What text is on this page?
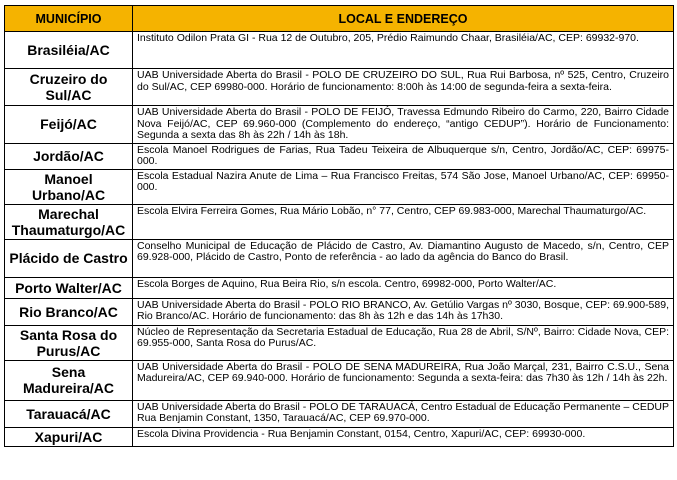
MUNICÍPIO	LOCAL E ENDEREÇO
Brasiléia/AC	Instituto Odilon Prata GI - Rua 12 de Outubro, 205, Prédio Raimundo Chaar, Brasiléia/AC, CEP: 69932-970.
Cruzeiro do Sul/AC	UAB Universidade Aberta do Brasil - POLO DE CRUZEIRO DO SUL, Rua Rui Barbosa, nº 525, Centro, Cruzeiro do Sul/AC, CEP 69980-000. Horário de funcionamento: 8:00h às 14:00 de segunda-feira a sexta-feira.
Feijó/AC	UAB Universidade Aberta do Brasil - POLO DE FEIJÓ, Travessa Edmundo Ribeiro do Carmo, 220, Bairro Cidade Nova Feijó/AC, CEP 69.960-000 (Complemento do endereço, “antigo CEDUP”). Horário de Funcionamento: Segunda a sexta das 8h às 22h / 14h às 18h.
Jordão/AC	Escola Manoel Rodrigues de Farias, Rua Tadeu Teixeira de Albuquerque s/n, Centro, Jordão/AC, CEP: 69975-000.
Manoel Urbano/AC	Escola Estadual Nazira Anute de Lima – Rua Francisco Freitas, 574 São Jose, Manoel Urbano/AC, CEP: 69950-000.
Marechal Thaumaturgo/AC	Escola Elvira Ferreira Gomes, Rua Mário Lobão, n° 77, Centro, CEP 69.983-000, Marechal Thaumaturgo/AC.
Plácido de Castro	Conselho Municipal de Educação de Plácido de Castro, Av. Diamantino Augusto de Macedo, s/n, Centro, CEP 69.928-000, Plácido de Castro, Ponto de referência - ao lado da agência do Banco do Brasil.
Porto Walter/AC	Escola Borges de Aquino, Rua Beira Rio, s/n escola. Centro, 69982-000, Porto Walter/AC.
Rio Branco/AC	UAB Universidade Aberta do Brasil - POLO RIO BRANCO, Av. Getúlio Vargas nº 3030, Bosque, CEP: 69.900-589, Rio Branco/AC. Horário de funcionamento: das 8h às 12h e das 14h às 17h30.
Santa Rosa do Purus/AC	Núcleo de Representação da Secretaria Estadual de Educação, Rua 28 de Abril, S/Nº, Bairro: Cidade Nova, CEP: 69.955-000, Santa Rosa do Purus/AC.
Sena Madureira/AC	UAB Universidade Aberta do Brasil - POLO DE SENA MADUREIRA, Rua João Marçal, 231, Bairro C.S.U., Sena Madureira/AC, CEP 69.940-000. Horário de funcionamento: Segunda a sexta-feira: das 7h30 às 12h / 14h às 22h.
Tarauacá/AC	UAB Universidade Aberta do Brasil - POLO DE TARAUACÁ, Centro Estadual de Educação Permanente – CEDUP Rua Benjamin Constant, 1350, Tarauacá/AC, CEP 69.970-000.
Xapuri/AC	Escola Divina Providencia - Rua Benjamin Constant, 0154, Centro, Xapuri/AC, CEP: 69930-000.
